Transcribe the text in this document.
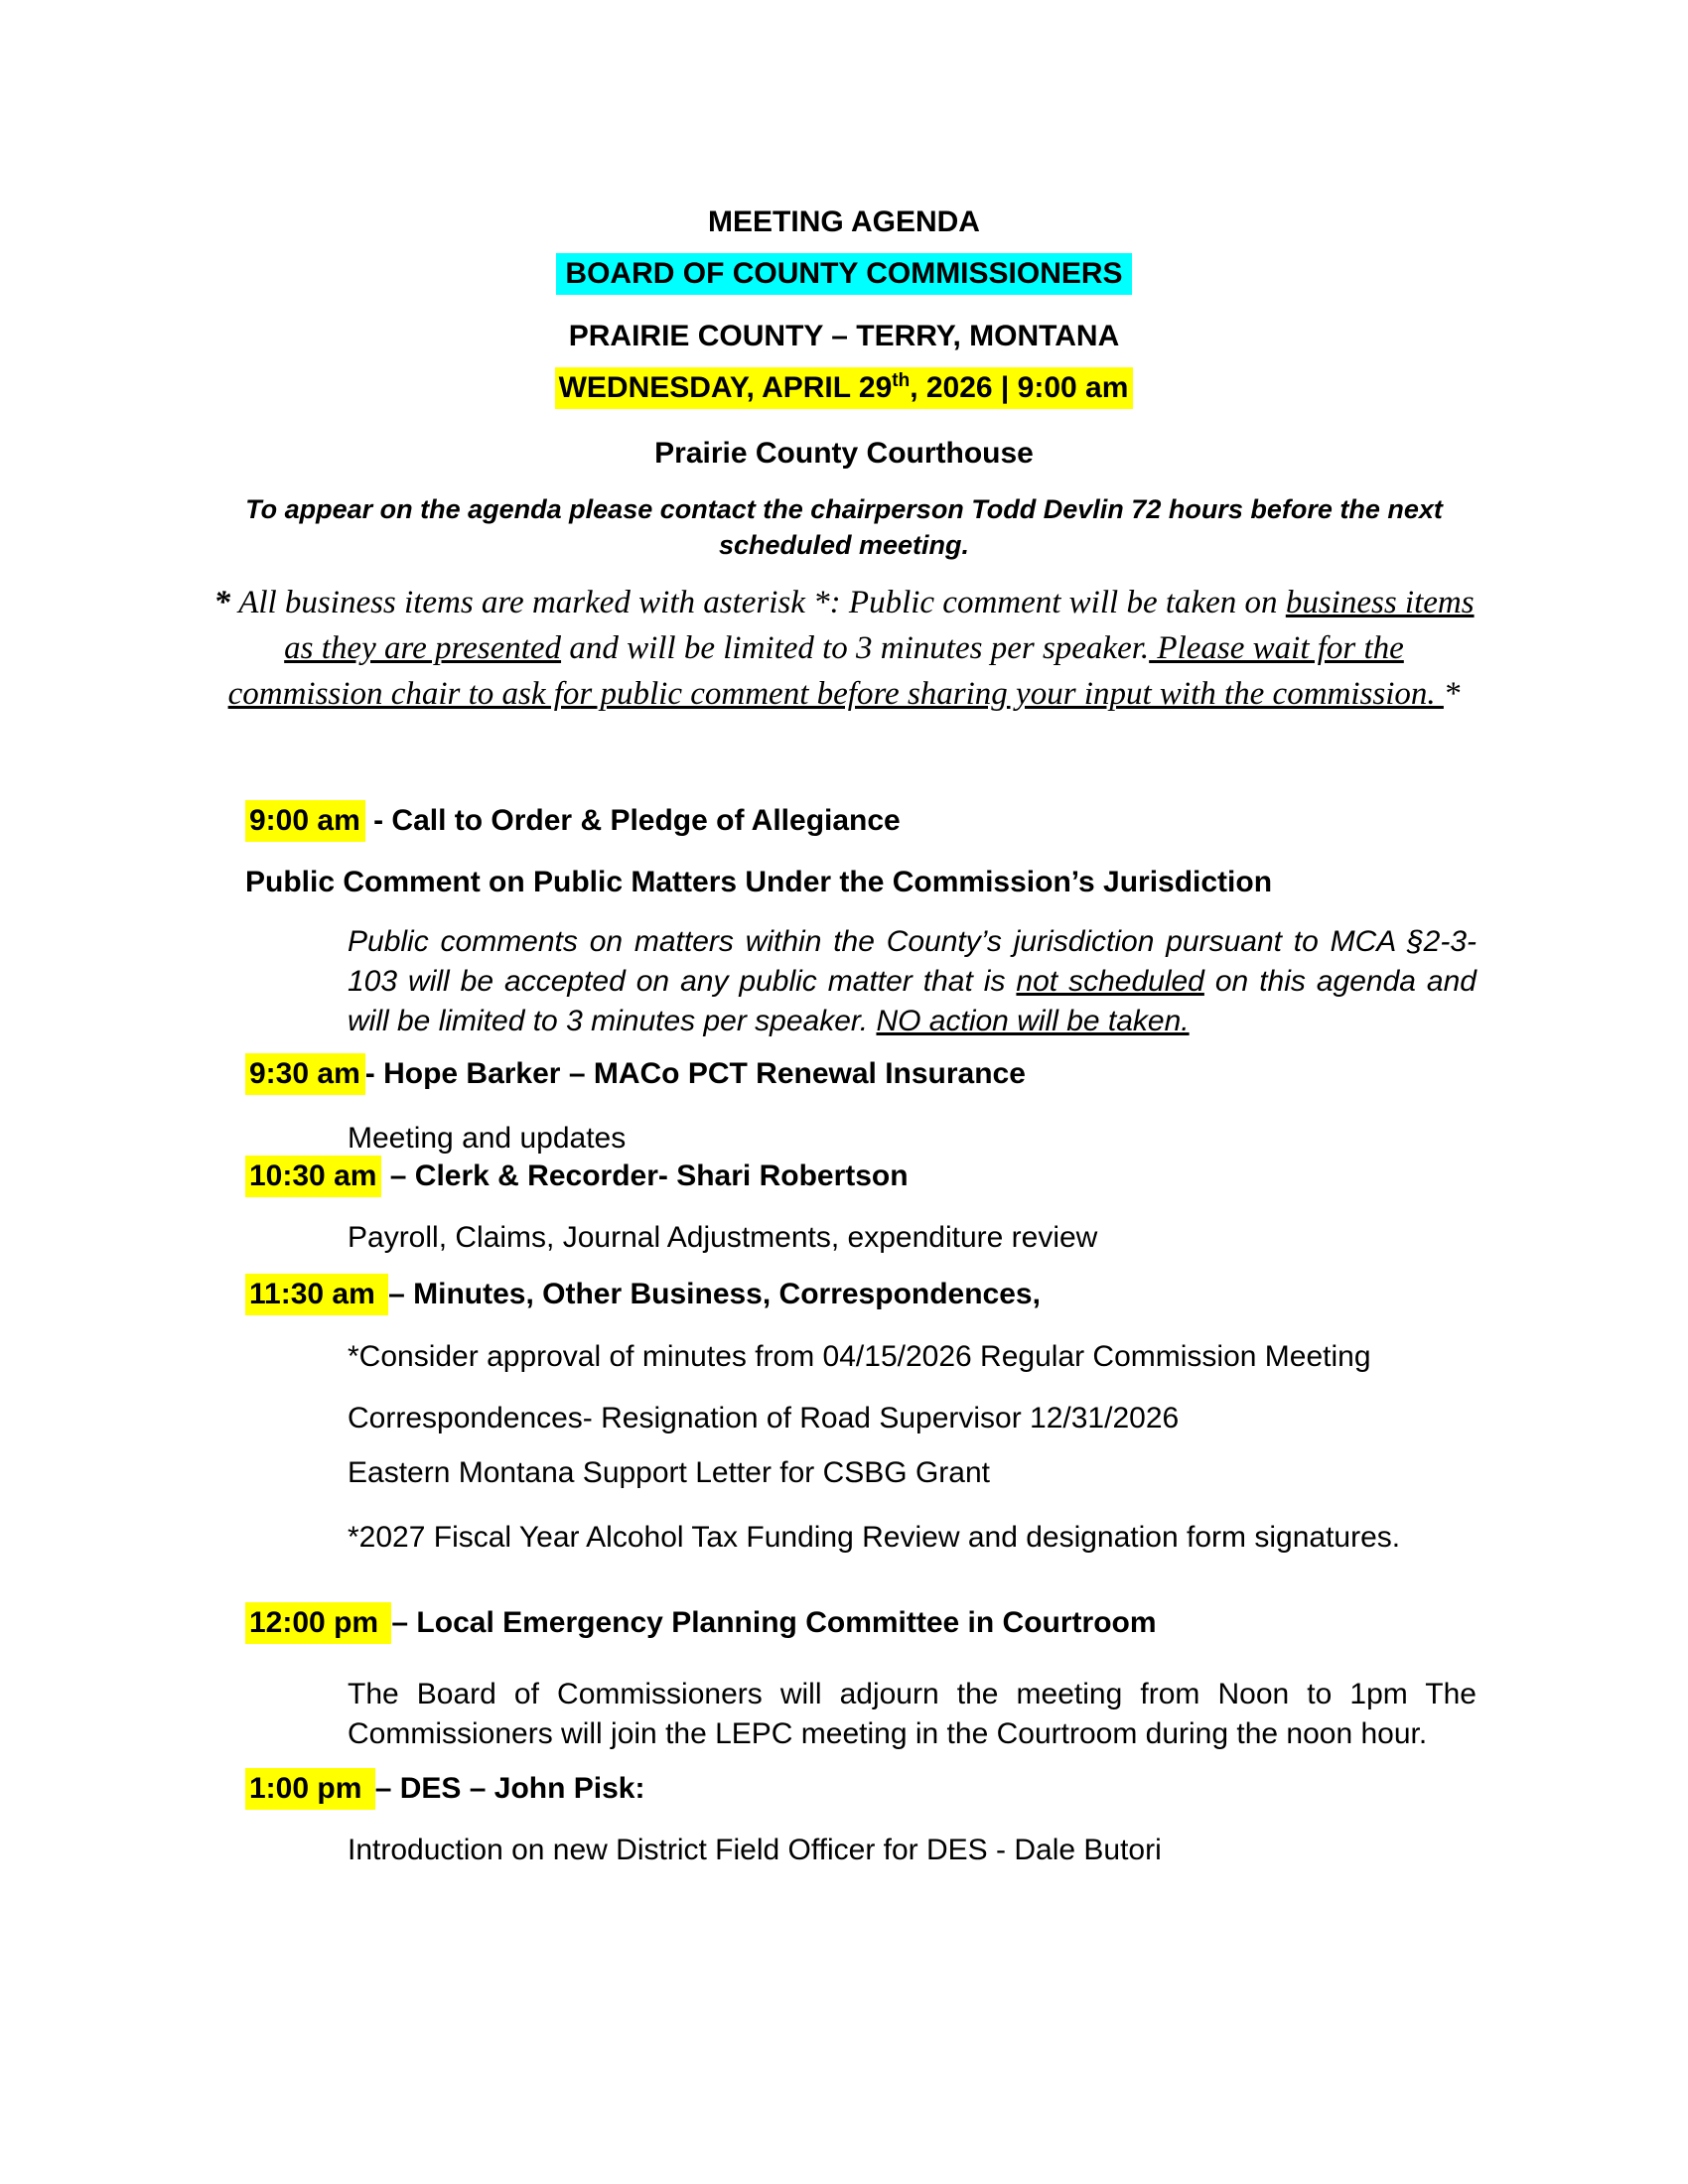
MEETING AGENDA
BOARD OF COUNTY COMMISSIONERS
PRAIRIE COUNTY – TERRY, MONTANA
WEDNESDAY, APRIL 29th, 2026 | 9:00 am
Prairie County Courthouse
To appear on the agenda please contact the chairperson Todd Devlin 72 hours before the next scheduled meeting.
* All business items are marked with asterisk *: Public comment will be taken on business items
as they are presented and will be limited to 3 minutes per speaker. Please wait for the
commission chair to ask for public comment before sharing your input with the commission. *
9:00 am - Call to Order & Pledge of Allegiance
Public Comment on Public Matters Under the Commission’s Jurisdiction
Public comments on matters within the County’s jurisdiction pursuant to MCA §2-3-103 will be accepted on any public matter that is not scheduled on this agenda and will be limited to 3 minutes per speaker. NO action will be taken.
9:30 am - Hope Barker – MACo PCT Renewal Insurance
Meeting and updates
10:30 am – Clerk & Recorder- Shari Robertson
Payroll, Claims, Journal Adjustments, expenditure review
11:30 am – Minutes, Other Business, Correspondences,
*Consider approval of minutes from 04/15/2026 Regular Commission Meeting
Correspondences- Resignation of Road Supervisor 12/31/2026
Eastern Montana Support Letter for CSBG Grant
*2027 Fiscal Year Alcohol Tax Funding Review and designation form signatures.
12:00 pm – Local Emergency Planning Committee in Courtroom
The Board of Commissioners will adjourn the meeting from Noon to 1pm The Commissioners will join the LEPC meeting in the Courtroom during the noon hour.
1:00 pm – DES – John Pisk:
Introduction on new District Field Officer for DES - Dale Butori
